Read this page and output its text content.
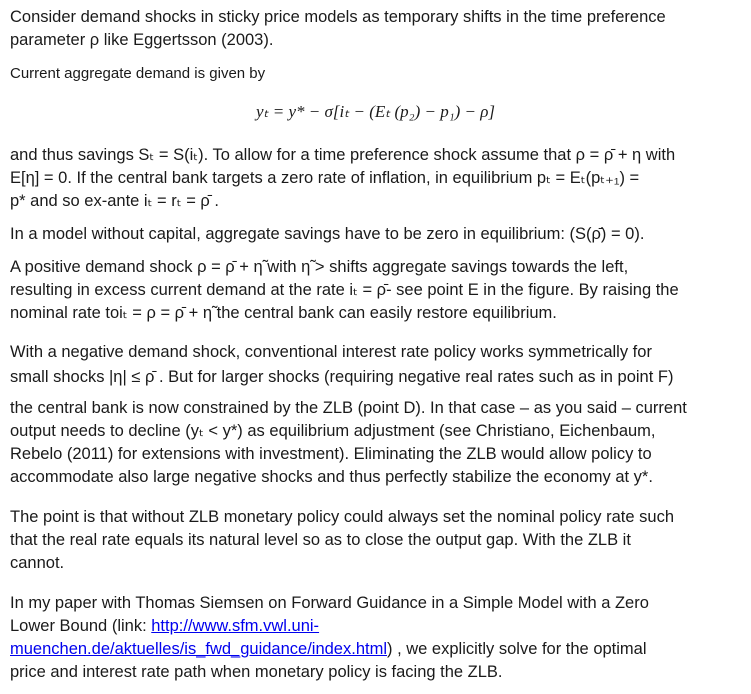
Consider demand shocks in sticky price models as temporary shifts in the time preference

parameter ρ like Eggertsson (2003).

Current aggregate demand is given by

yₜ = y* − σ[iₜ − (Eₜ (p₂) − p₁) − ρ]

and thus savings Sₜ = S(iₜ). To allow for a time preference shock assume that ρ = ρ̄ + η with

E[η] = 0. If the central bank targets a zero rate of inflation, in equilibrium pₜ = Eₜ(pₜ₊₁) =

p* and so ex-ante iₜ = rₜ = ρ̄ .

In a model without capital, aggregate savings have to be zero in equilibrium: (S(ρ̄) = 0).

A positive demand shock ρ = ρ̄ + η̃ with η̃ > shifts aggregate savings towards the left,

resulting in excess current demand at the rate iₜ = ρ̄- see point E in the figure. By raising the

nominal rate toiₜ = ρ = ρ̄ + η̃ the central bank can easily restore equilibrium.

With a negative demand shock, conventional interest rate policy works symmetrically for

small shocks |η| ≤ ρ̄ . But for larger shocks (requiring negative real rates such as in point F)

the central bank is now constrained by the ZLB (point D). In that case – as you said – current

output needs to decline (yₜ < y*) as equilibrium adjustment (see Christiano, Eichenbaum,

Rebelo (2011) for extensions with investment). Eliminating the ZLB would allow policy to

accommodate also large negative shocks and thus perfectly stabilize the economy at y*.

The point is that without ZLB monetary policy could always set the nominal policy rate such

that the real rate equals its natural level so as to close the output gap. With the ZLB it

cannot.

In my paper with Thomas Siemsen on Forward Guidance in a Simple Model with a Zero

Lower Bound (link: http://www.sfm.vwl.uni-

muenchen.de/aktuelles/is_fwd_guidance/index.html) , we explicitly solve for the optimal

price and interest rate path when monetary policy is facing the ZLB.
